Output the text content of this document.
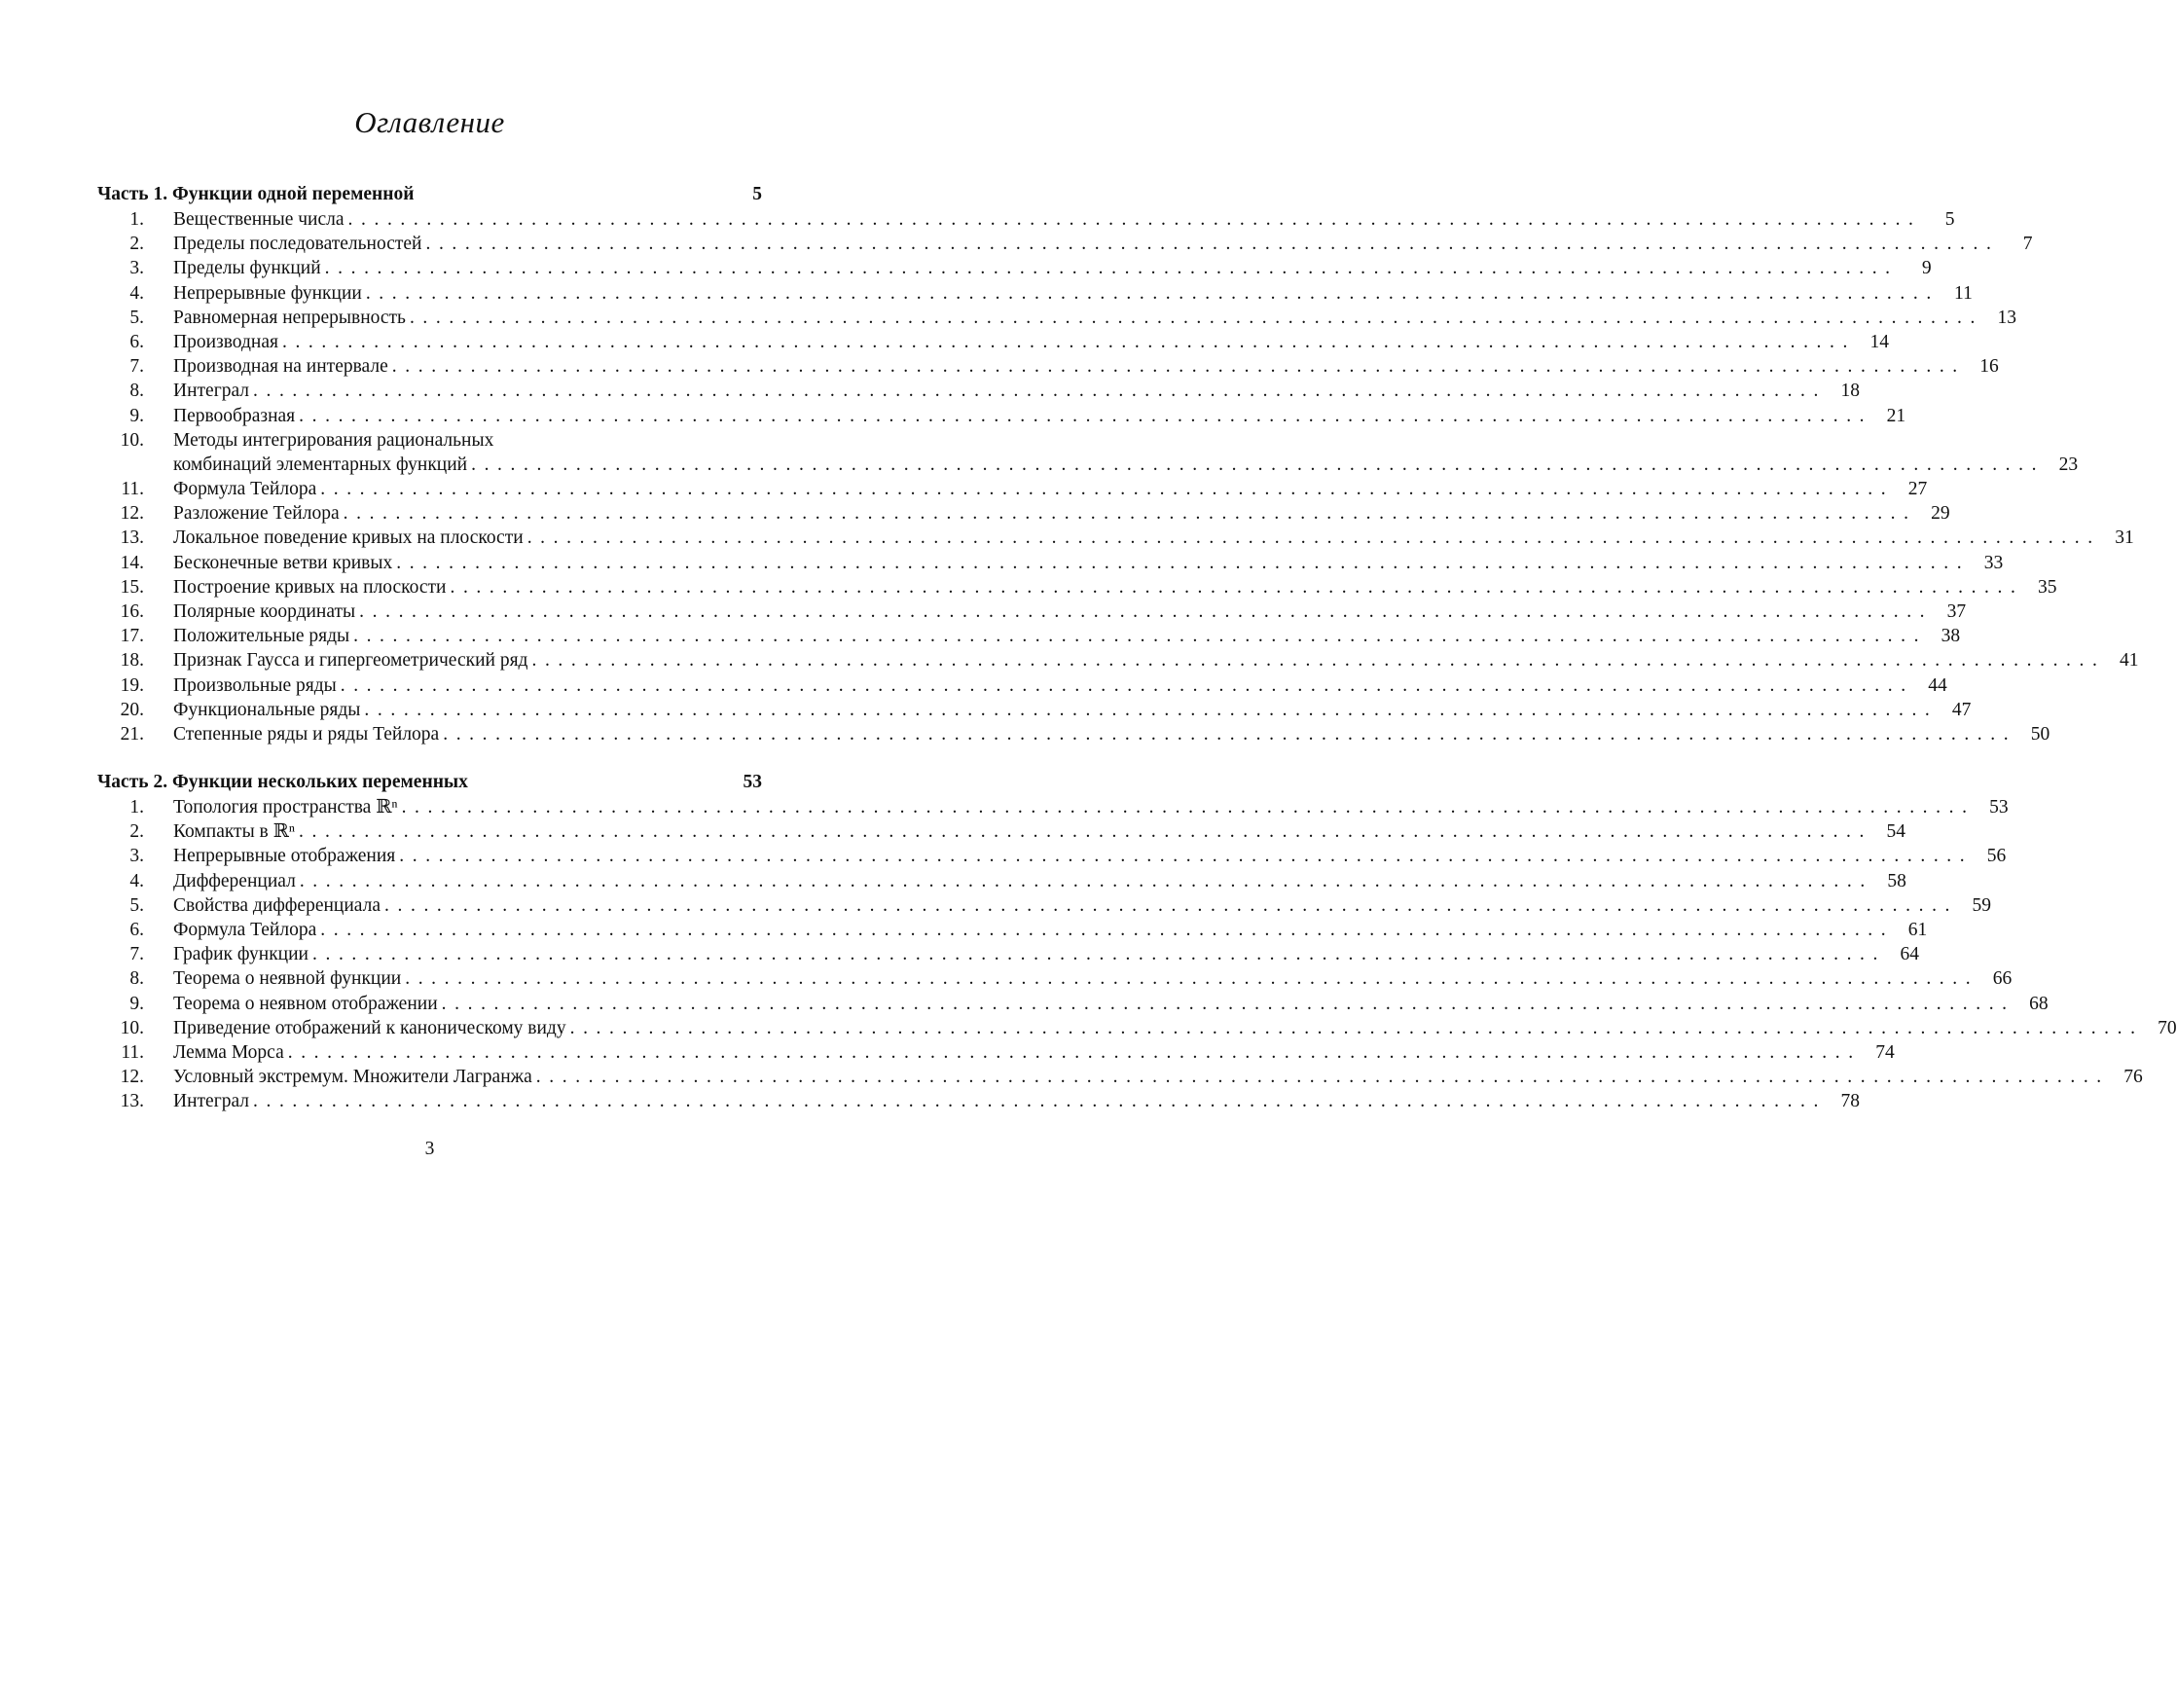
Оглавление
Часть 1. Функции одной переменной	5
1. Вещественные числа ........................................................................................................................	5
2. Пределы последовательностей ........................................................................................................................	7
3. Пределы функций ........................................................................................................................	9
4. Непрерывные функции ........................................................................................................................ 11
5. Равномерная непрерывность ........................................................................................................................ 13
6. Производная ........................................................................................................................ 14
7. Производная на интервале ........................................................................................................................ 16
8. Интеграл ........................................................................................................................ 18
9. Первообразная ........................................................................................................................ 21
10. Методы интегрирования рациональных
комбинаций элементарных функций ........................................................................................................................ 23
11. Формула Тейлора ........................................................................................................................ 27
12. Разложение Тейлора ........................................................................................................................ 29
13. Локальное поведение кривых на плоскости ........................................................................................................................ 31
14. Бесконечные ветви кривых ........................................................................................................................ 33
15. Построение кривых на плоскости ........................................................................................................................ 35
16. Полярные координаты ........................................................................................................................ 37
17. Положительные ряды ........................................................................................................................ 38
18. Признак Гаусса и гипергеометрический ряд ........................................................................................................................ 41
19. Произвольные ряды ........................................................................................................................ 44
20. Функциональные ряды ........................................................................................................................ 47
21. Степенные ряды и ряды Тейлора ........................................................................................................................ 50
Часть 2. Функции нескольких переменных	53
1. Топология пространства ℝⁿ ........................................................................................................................ 53
2. Компакты в ℝⁿ ........................................................................................................................ 54
3. Непрерывные отображения ........................................................................................................................ 56
4. Дифференциал ........................................................................................................................ 58
5. Свойства дифференциала ........................................................................................................................ 59
6. Формула Тейлора ........................................................................................................................ 61
7. График функции ........................................................................................................................ 64
8. Теорема о неявной функции ........................................................................................................................ 66
9. Теорема о неявном отображении ........................................................................................................................ 68
10. Приведение отображений к каноническому виду ........................................................................................................................ 70
11. Лемма Морса ........................................................................................................................ 74
12. Условный экстремум. Множители Лагранжа ........................................................................................................................ 76
13. Интеграл ........................................................................................................................ 78
3
